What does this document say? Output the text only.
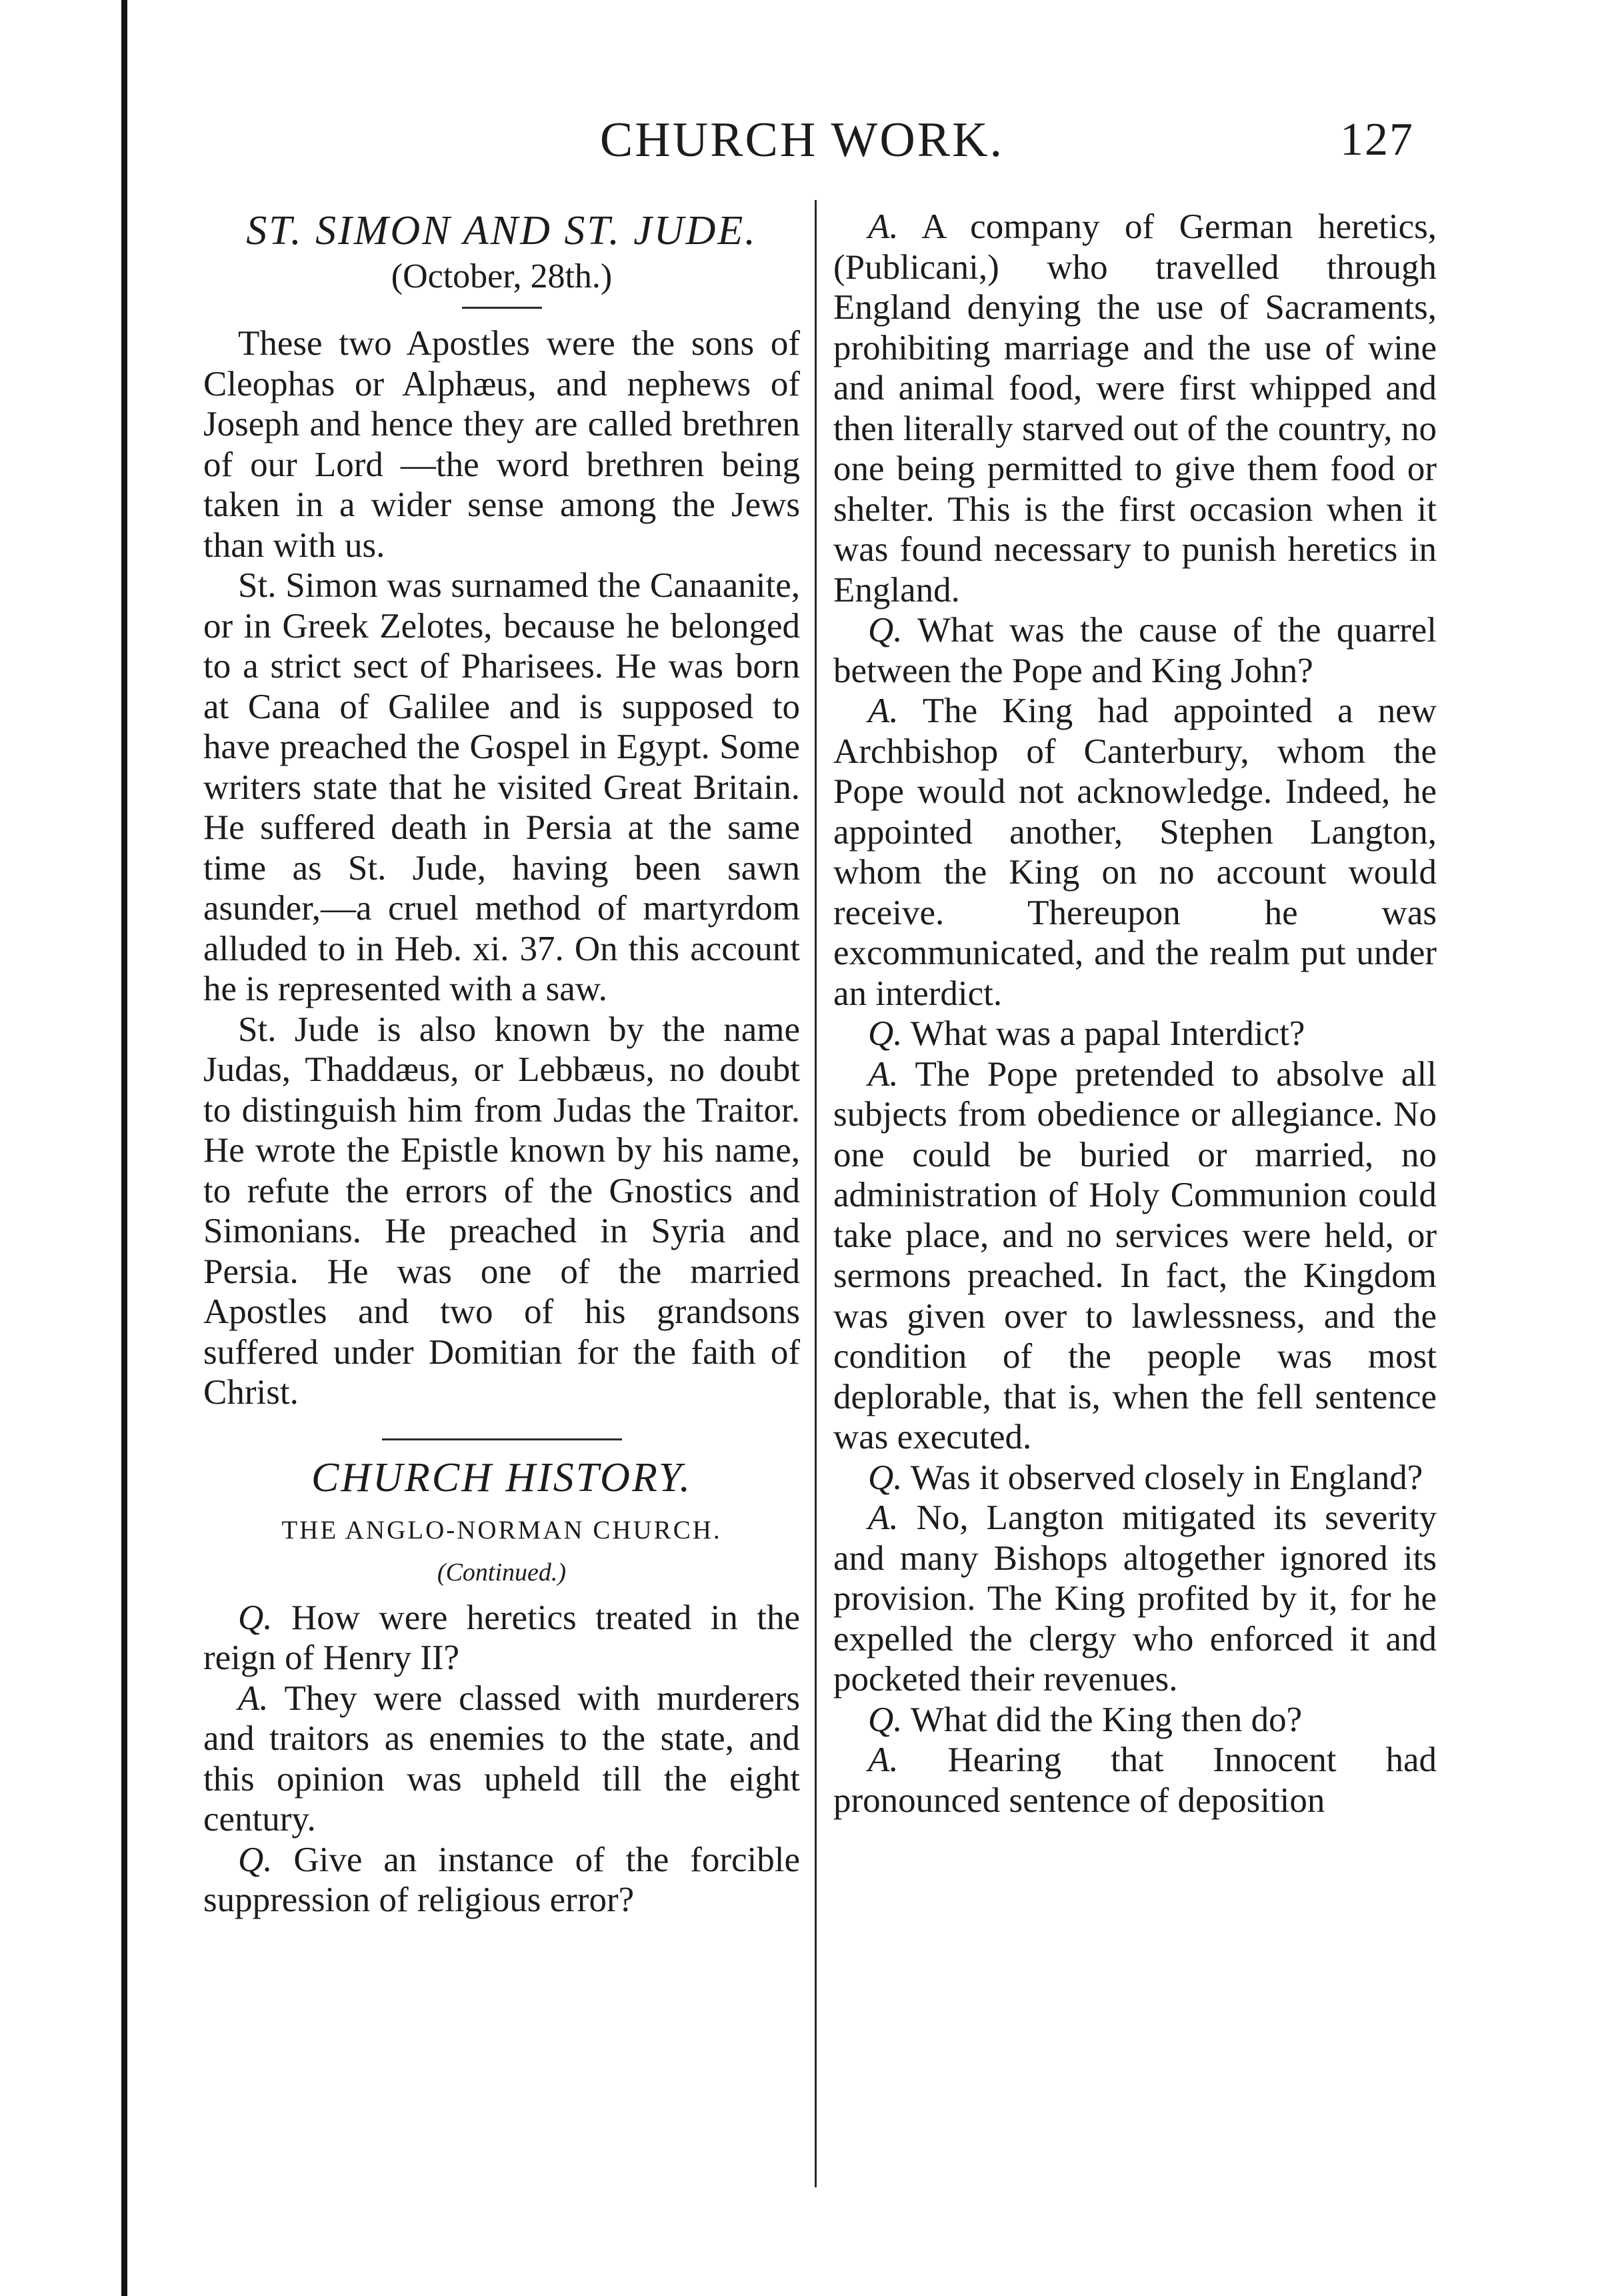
CHURCH WORK.	127
ST. SIMON AND ST. JUDE.
(October, 28th.)

These two Apostles were the sons of Cleophas or Alphæus, and nephews of Joseph and hence they are called brethren of our Lord —the word brethren being taken in a wider sense among the Jews than with us.

St. Simon was surnamed the Canaanite, or in Greek Zelotes, because he belonged to a strict sect of Pharisees. He was born at Cana of Galilee and is supposed to have preached the Gospel in Egypt. Some writers state that he visited Great Britain. He suffered death in Persia at the same time as St. Jude, having been sawn asunder,—a cruel method of martyrdom alluded to in Heb. xi. 37. On this account he is represented with a saw.

St. Jude is also known by the name Judas, Thaddæus, or Lebbæus, no doubt to distinguish him from Judas the Traitor. He wrote the Epistle known by his name, to refute the errors of the Gnostics and Simonians. He preached in Syria and Persia. He was one of the married Apostles and two of his grandsons suffered under Domitian for the faith of Christ.

CHURCH HISTORY.
THE ANGLO-NORMAN CHURCH.
(Continued.)

Q. How were heretics treated in the reign of Henry II?

A. They were classed with murderers and traitors as enemies to the state, and this opinion was upheld till the eight century.

Q. Give an instance of the forcible suppression of religious error?

A. A company of German heretics, (Publicani,) who travelled through England denying the use of Sacraments, prohibiting marriage and the use of wine and animal food, were first whipped and then literally starved out of the country, no one being permitted to give them food or shelter. This is the first occasion when it was found necessary to punish heretics in England.

Q. What was the cause of the quarrel between the Pope and King John?

A. The King had appointed a new Archbishop of Canterbury, whom the Pope would not acknowledge. Indeed, he appointed another, Stephen Langton, whom the King on no account would receive. Thereupon he was excommunicated, and the realm put under an interdict.

Q. What was a papal Interdict?

A. The Pope pretended to absolve all subjects from obedience or allegiance. No one could be buried or married, no administration of Holy Communion could take place, and no services were held, or sermons preached. In fact, the Kingdom was given over to lawlessness, and the condition of the people was most deplorable, that is, when the fell sentence was executed.

Q. Was it observed closely in England?

A. No, Langton mitigated its severity and many Bishops altogether ignored its provision. The King profited by it, for he expelled the clergy who enforced it and pocketed their revenues.

Q. What did the King then do?

A. Hearing that Innocent had pronounced sentence of deposition
